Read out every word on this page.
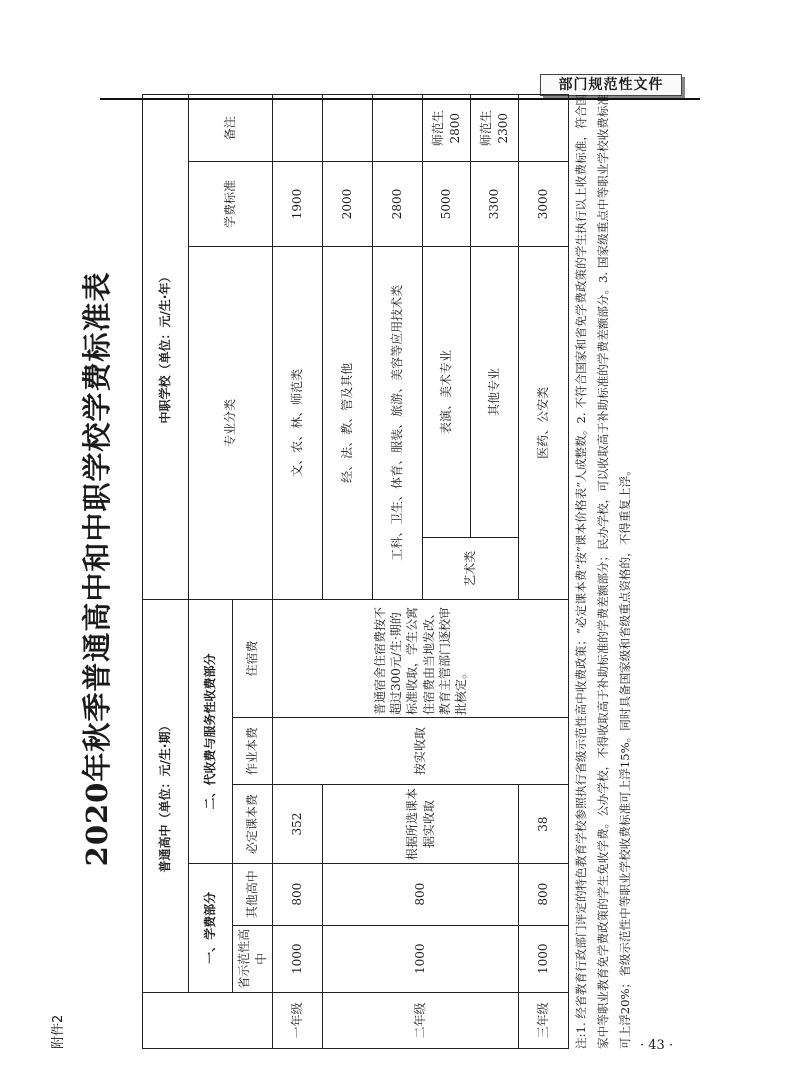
部门规范性文件
附件2
2020年秋季普通高中和中职学校学费标准表
		普通高中（单位：元/生·期）					中职学校（单位：元/生·年）			
	一、学费部分		二、代收费与服务性收费部分			专业分类		学费标准	备注
	省示范性高中	其他高中	必定课本费	作业本费	住宿费				
一年级	1000	800	352	按实收取	普通宿舍住宿费按不超过300元/生·期的标准收取，学生公寓住宿费由当地发改、教育主管部门逐校审批核定。	文、农、林、师范类		1900	
二年级	1000	800	根据所选课本据实收取			经、法、教、管及其他		2000	
						工科、卫生、体育、服装、旅游、美容等应用技术类		2800	
						艺术类	表演、美术专业	5000	师范生2800
							其他专业	3300	师范生2300
三年级	1000	800	38			医药、公安类		3000		注:1. 经省教育行政部门评定的特色教育学校参照执行省级示范性高中收费政策；“必定课本费”按“课本价格表”人成整数。2. 不符合国家和省免学费政策的学生执行以上收费标准，符合国家中等职业教育免学费政策的学生免收学费。公办学校，不得收取高于补助标准的学费差额部分；民办学校，可以收取高于补助标准的学费差额部分。3. 国家级重点中等职业学校收费标准可上浮20%；省级示范性中等职业学校收费标准可上浮15%。同时具备国家级和省级重点资格的，不得重复上浮。 · 43 ·
